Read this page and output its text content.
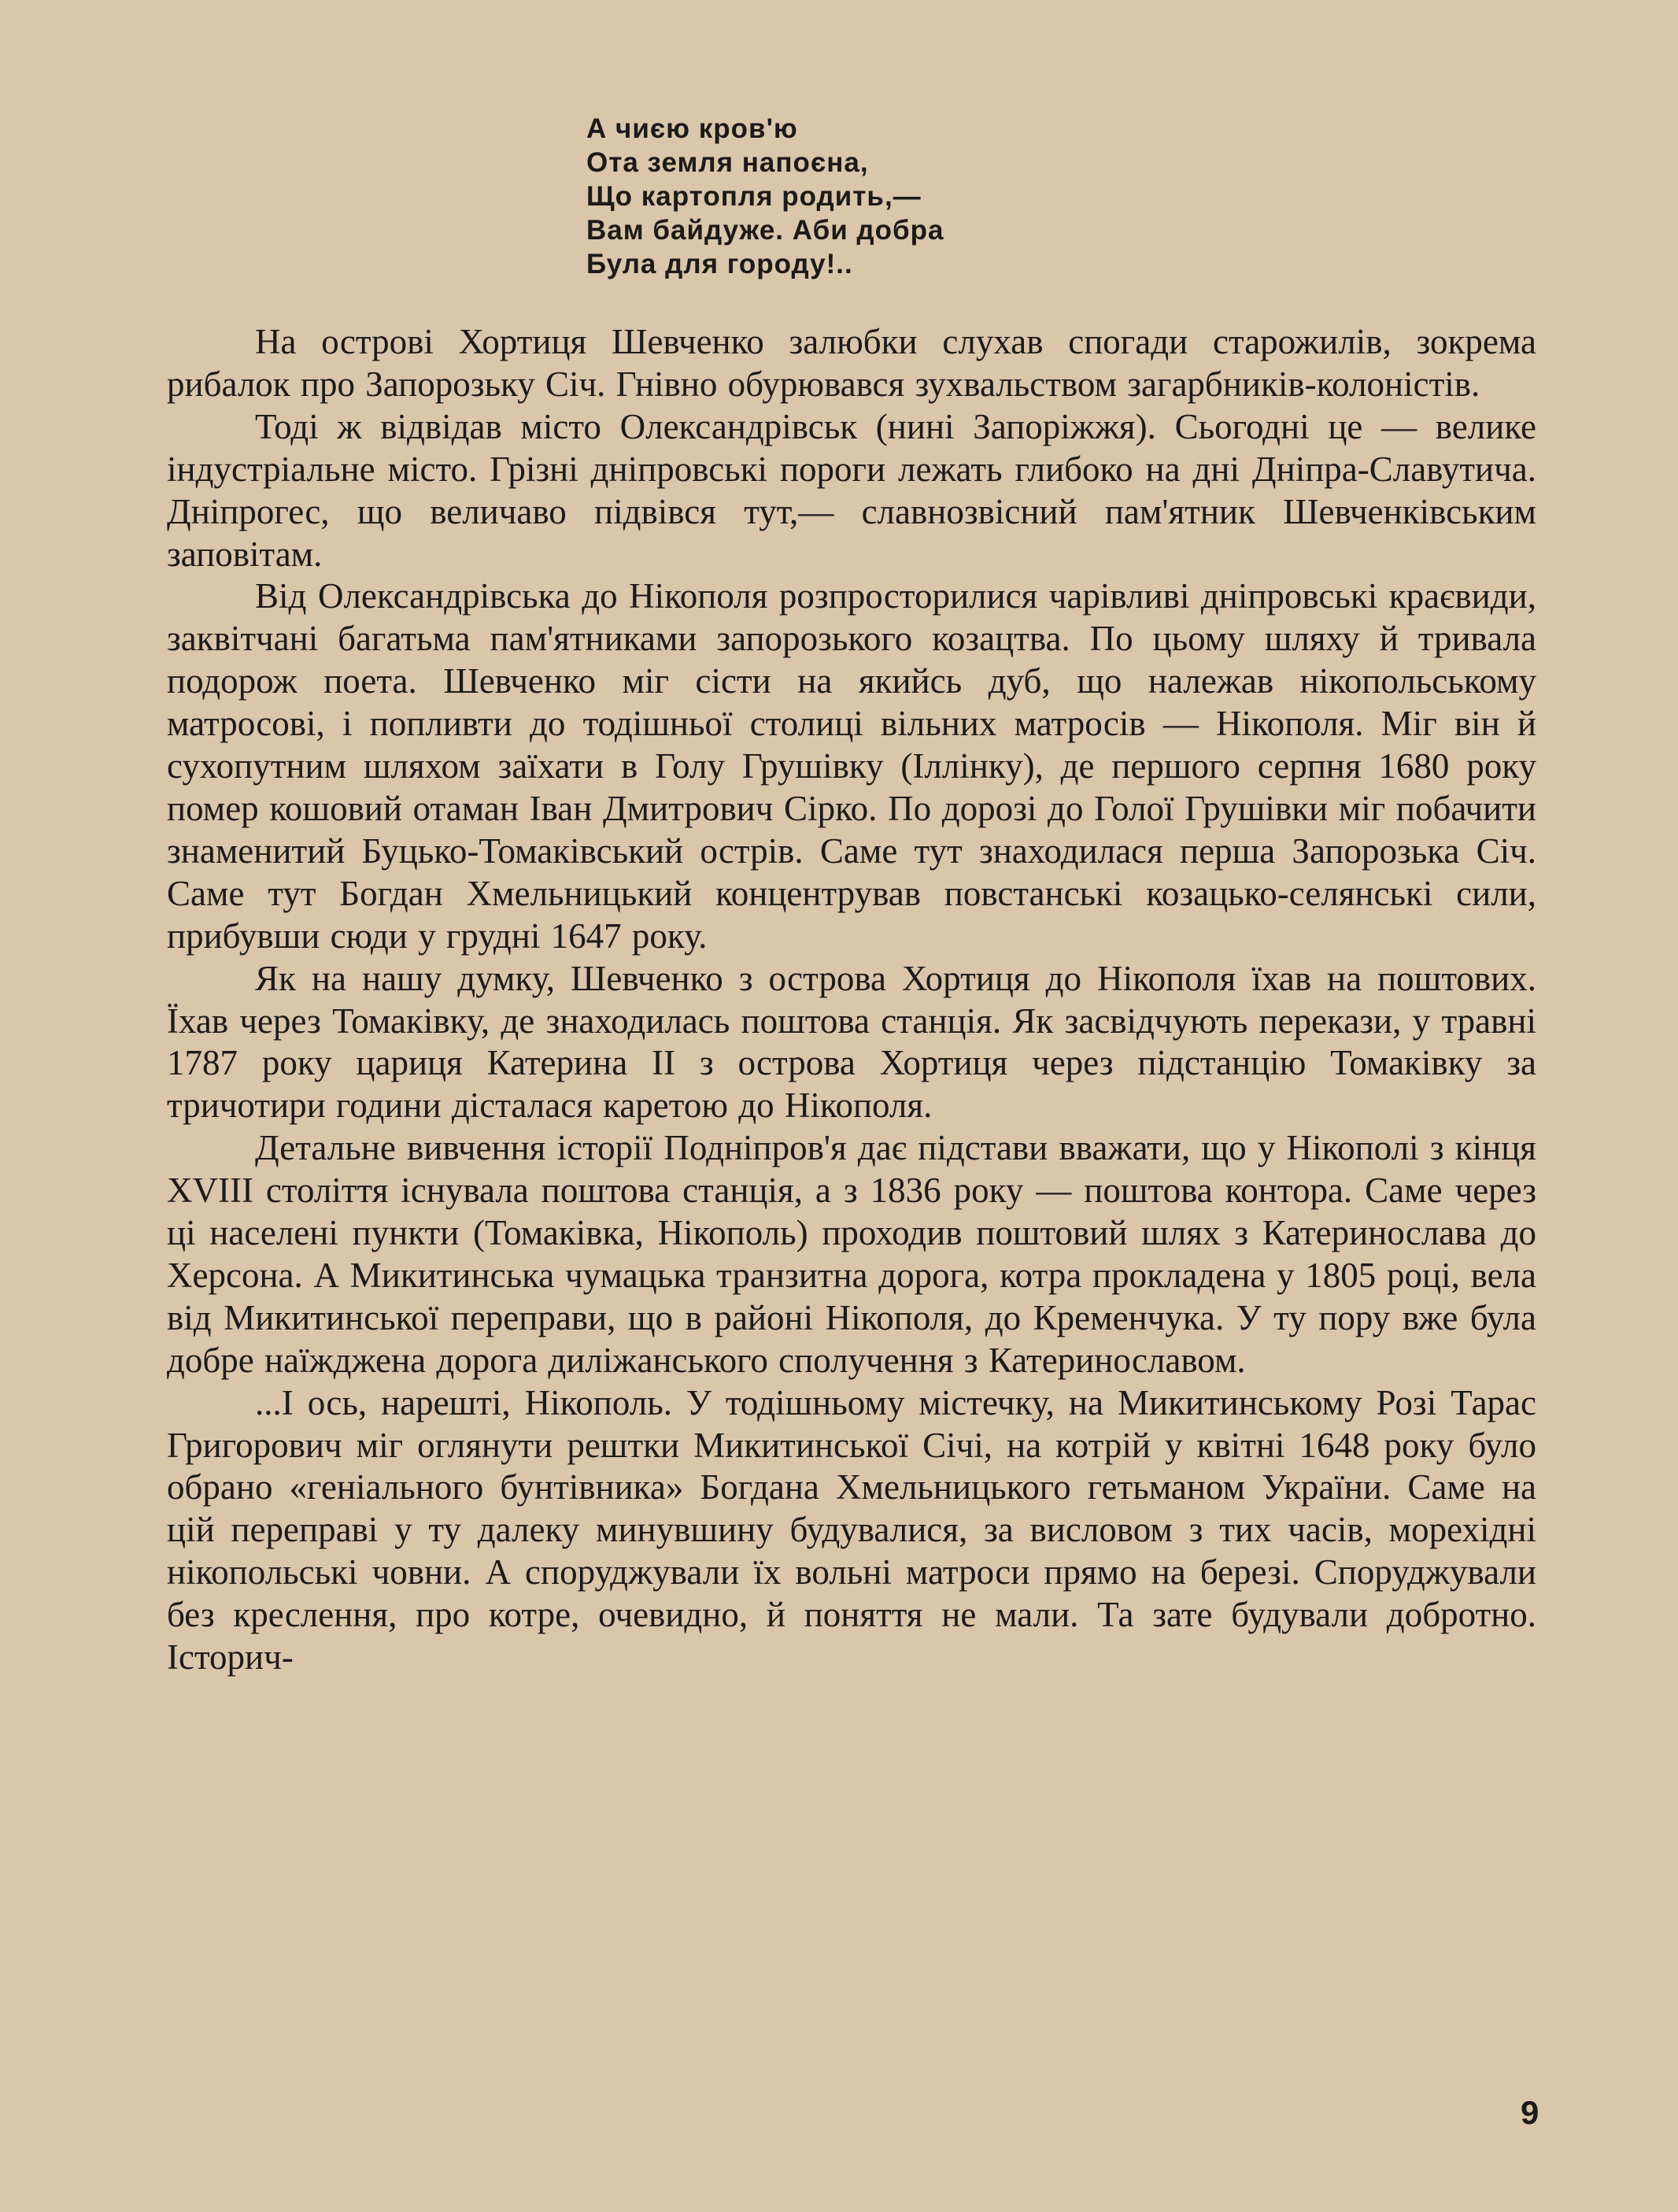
А чиєю кров'ю
Ота земля напоєна,
Що картопля родить,—
Вам байдуже. Аби добра
Була для городу!..

На острові Хортиця Шевченко залюбки слухав спогади старожилів, зокрема рибалок про Запорозьку Січ. Гнівно обурювався зухвальством загарбників-колоністів.

Тоді ж відвідав місто Олександрівськ (нині Запоріжжя). Сьогодні це — велике індустріальне місто. Грізні дніпровські пороги лежать глибоко на дні Дніпра-Славутича. Дніпрогес, що величаво підвівся тут,— славнозвісний пам'ятник Шевченківським заповітам.

Від Олександрівська до Нікополя розпросторилися чарівливі дніпровські краєвиди, заквітчані багатьма пам'ятниками запорозького козацтва. По цьому шляху й тривала подорож поета. Шевченко міг сісти на якийсь дуб, що належав нікопольському матросові, і попливти до тодішньої столиці вільних матросів — Нікополя. Міг він й сухопутним шляхом заїхати в Голу Грушівку (Іллінку), де першого серпня 1680 року помер кошовий отаман Іван Дмитрович Сірко. По дорозі до Голої Грушівки міг побачити знаменитий Буцько-Томаківський острів. Саме тут знаходилася перша Запорозька Січ. Саме тут Богдан Хмельницький концентрував повстанські козацько-селянські сили, прибувши сюди у грудні 1647 року.

Як на нашу думку, Шевченко з острова Хортиця до Нікополя їхав на поштових. Їхав через Томаківку, де знаходилась поштова станція. Як засвідчують перекази, у травні 1787 року цариця Катерина II з острова Хортиця через підстанцію Томаківку за тричотири години дісталася каретою до Нікополя.

Детальне вивчення історії Подніпров'я дає підстави вважати, що у Нікополі з кінця XVIII століття існувала поштова станція, а з 1836 року — поштова контора. Саме через ці населені пункти (Томаківка, Нікополь) проходив поштовий шлях з Катеринослава до Херсона. А Микитинська чумацька транзитна дорога, котра прокладена у 1805 році, вела від Микитинської переправи, що в районі Нікополя, до Кременчука. У ту пору вже була добре наїжджена дорога диліжанського сполучення з Катеринославом.

...І ось, нарешті, Нікополь. У тодішньому містечку, на Микитинському Розі Тарас Григорович міг оглянути рештки Микитинської Січі, на котрій у квітні 1648 року було обрано «геніального бунтівника» Богдана Хмельницького гетьманом України. Саме на цій переправі у ту далеку минувшину будувалися, за висловом з тих часів, морехідні нікопольські човни. А споруджували їх вольні матроси прямо на березі. Споруджували без креслення, про котре, очевидно, й поняття не мали. Та зате будували добротно. Історич-

9
